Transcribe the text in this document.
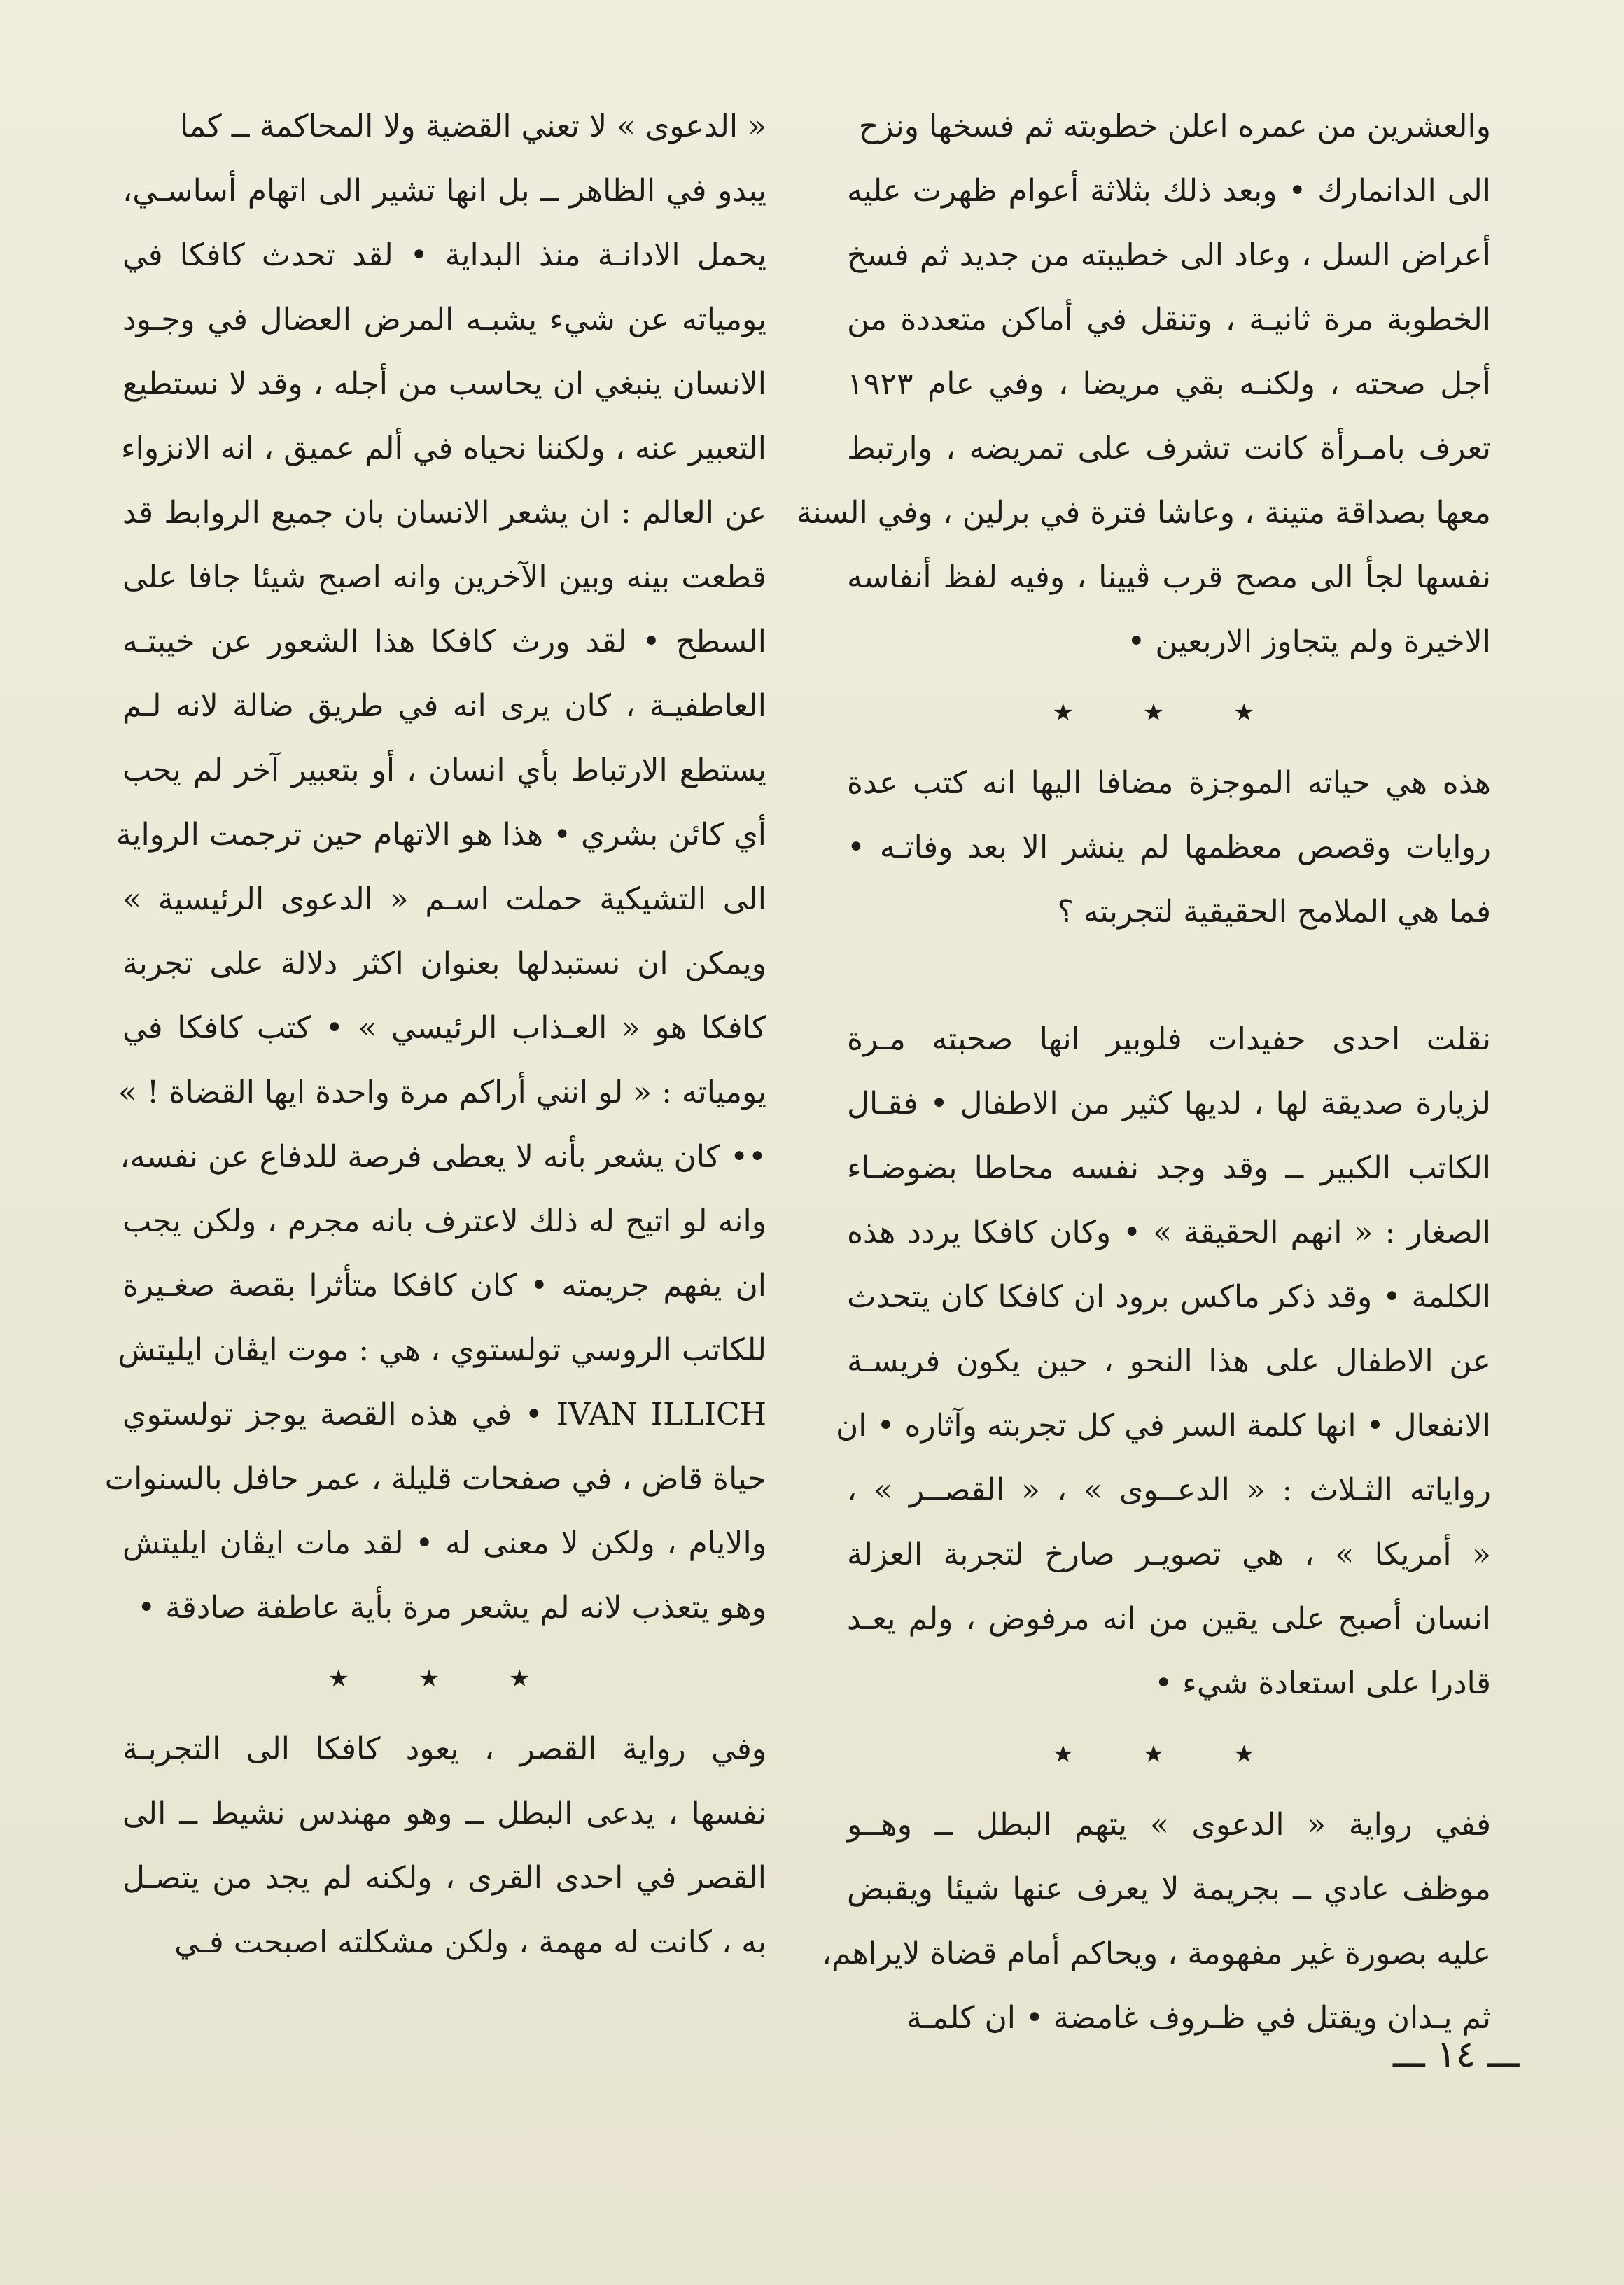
والعشرين من عمره اعلن خطوبته ثم فسخها ونزح
الى الدانمارك • وبعد ذلك بثلاثة أعوام ظهرت عليه
أعراض السل ، وعاد الى خطيبته من جديد ثم فسخ
الخطوبة مرة ثانيـة ، وتنقل في أماكن متعددة من
أجل صحته ، ولكنـه بقي مريضا ، وفي عام ١٩٢٣
تعرف بامـرأة كانت تشرف على تمريضه ، وارتبط
معها بصداقة متينة ، وعاشا فترة في برلين ، وفي السنة
نفسها لجأ الى مصح قرب ڤيينا ، وفيه لفظ أنفاسه
الاخيرة ولم يتجاوز الاربعين •
★ ★ ★
هذه هي حياته الموجزة مضافا اليها انه كتب عدة
روايات وقصص معظمها لم ينشر الا بعد وفاتـه •
فما هي الملامح الحقيقية لتجربته ؟
نقلت احدى حفيدات فلوبير انها صحبته مـرة
لزيارة صديقة لها ، لديها كثير من الاطفال • فقـال
الكاتب الكبير ــ وقد وجد نفسه محاطا بضوضـاء
الصغار : « انهم الحقيقة » • وكان كافكا يردد هذه
الكلمة • وقد ذكر ماكس برود ان كافكا كان يتحدث
عن الاطفال على هذا النحو ، حين يكون فريسـة
الانفعال • انها كلمة السر في كل تجربته وآثاره • ان
رواياته الثـلاث : « الدعــوى » ، « القصــر » ،
« أمريكا » ، هي تصويـر صارخ لتجربة العزلة
انسان أصبح على يقين من انه مرفوض ، ولم يعـد
قادرا على استعادة شيء •
★ ★ ★
ففي رواية « الدعوى » يتهم البطل ــ وهــو
موظف عادي ــ بجريمة لا يعرف عنها شيئا ويقبض
عليه بصورة غير مفهومة ، ويحاكم أمام قضاة لايراهم،
ثم يـدان ويقتل في ظـروف غامضة • ان كلمـة
« الدعوى » لا تعني القضية ولا المحاكمة ــ كما
يبدو في الظاهر ــ بل انها تشير الى اتهام أساسـي،
يحمل الادانـة منذ البداية • لقد تحدث كافكا في
يومياته عن شيء يشبـه المرض العضال في وجـود
الانسان ينبغي ان يحاسب من أجله ، وقد لا نستطيع
التعبير عنه ، ولكننا نحياه في ألم عميق ، انه الانزواء
عن العالم : ان يشعر الانسان بان جميع الروابط قد
قطعت بينه وبين الآخرين وانه اصبح شيئا جافا على
السطح • لقد ورث كافكا هذا الشعور عن خيبتـه
العاطفيـة ، كان يرى انه في طريق ضالة لانه لـم
يستطع الارتباط بأي انسان ، أو بتعبير آخر لم يحب
أي كائن بشري • هذا هو الاتهام حين ترجمت الرواية
الى التشيكية حملت اسـم « الدعوى الرئيسية »
ويمكن ان نستبدلها بعنوان اكثر دلالة على تجربة
كافكا هو « العـذاب الرئيسي » • كتب كافكا في
يومياته : « لو انني أراكم مرة واحدة ايها القضاة ! »
•• كان يشعر بأنه لا يعطى فرصة للدفاع عن نفسه،
وانه لو اتيح له ذلك لاعترف بانه مجرم ، ولكن يجب
ان يفهم جريمته • كان كافكا متأثرا بقصة صغـيرة
للكاتب الروسي تولستوي ، هي : موت ايڤان ايليتش
IVAN ILLICH • في هذه القصة يوجز تولستوي
حياة قاض ، في صفحات قليلة ، عمر حافل بالسنوات
والايام ، ولكن لا معنى له • لقد مات ايڤان ايليتش
وهو يتعذب لانه لم يشعر مرة بأية عاطفة صادقة •
★ ★ ★
وفي رواية القصر ، يعود كافكا الى التجربـة
نفسها ، يدعى البطل ــ وهو مهندس نشيط ــ الى
القصر في احدى القرى ، ولكنه لم يجد من يتصـل
به ، كانت له مهمة ، ولكن مشكلته اصبحت فـي
ـــ ١٤ ـــ
